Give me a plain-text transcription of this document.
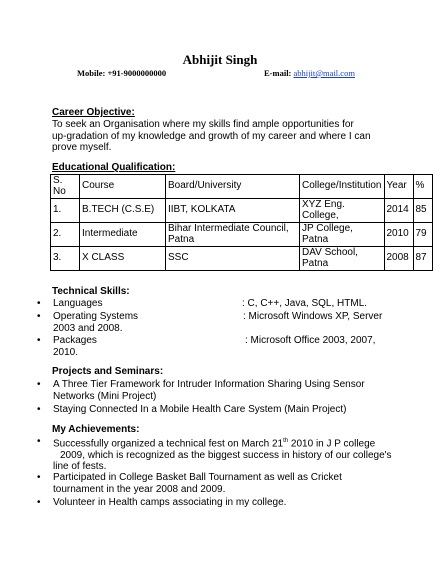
Abhijit Singh
Mobile: +91-9000000000	E-mail: abhijit@mail.com
Career Objective:
To seek an Organisation where my skills find ample opportunities for
up-gradation of my knowledge and growth of my career and where I can
prove myself.
Educational Qualification:
S. No	Course	Board/University	College/Institution	Year	%
1.	B.TECH (C.S.E)	IIBT, KOLKATA	XYZ Eng. College,	2014	85
2.	Intermediate	Bihar Intermediate Council, Patna	JP College, Patna	2010	79
3.	X CLASS	SSC	DAV School, Patna	2008	87
Technical Skills:
• Languages	: C, C++, Java, SQL, HTML.
• Operating Systems	: Microsoft Windows XP, Server
2003 and 2008.
• Packages	: Microsoft Office 2003, 2007,
2010.
Projects and Seminars:
• A Three Tier Framework for Intruder Information Sharing Using Sensor
Networks (Mini Project)
• Staying Connected In a Mobile Health Care System (Main Project)
My Achievements:
• Successfully organized a technical fest on March 21th 2010 in J P college
2009, which is recognized as the biggest success in history of our college's
line of fests.
• Participated in College Basket Ball Tournament as well as Cricket
tournament in the year 2008 and 2009.
• Volunteer in Health camps associating in my college.
